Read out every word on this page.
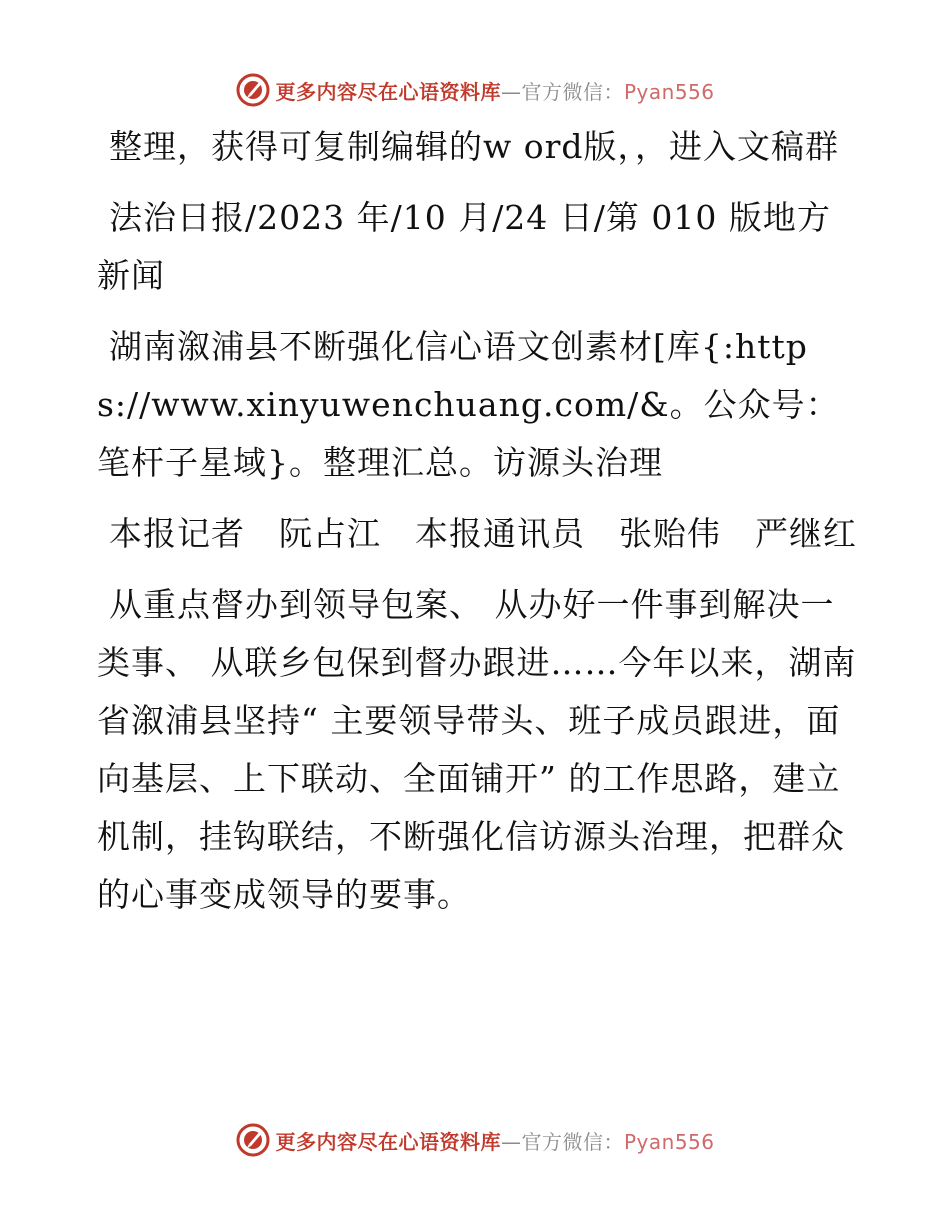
更多内容尽在心语资料库—官方微信：Pyan556

整理，获得可复制编辑的w ord版，，进入文稿群

法治日报/2023 年/10 月/24 日/第 010 版地方新闻

湖南溆浦县不断强化信心语文创素材[库{:https://www.xinyuwenchuang.com/&。公众号：笔杆子星域}。整理汇总。访源头治理

本报记者　阮占江　本报通讯员　张贻伟　严继红

从重点督办到领导包案、 从办好一件事到解决一类事、 从联乡包保到督办跟进……今年以来，湖南省溆浦县坚持“ 主要领导带头、班子成员跟进，面向基层、上下联动、全面铺开” 的工作思路，建立机制，挂钩联结，不断强化信访源头治理，把群众的心事变成领导的要事。

更多内容尽在心语资料库—官方微信：Pyan556
